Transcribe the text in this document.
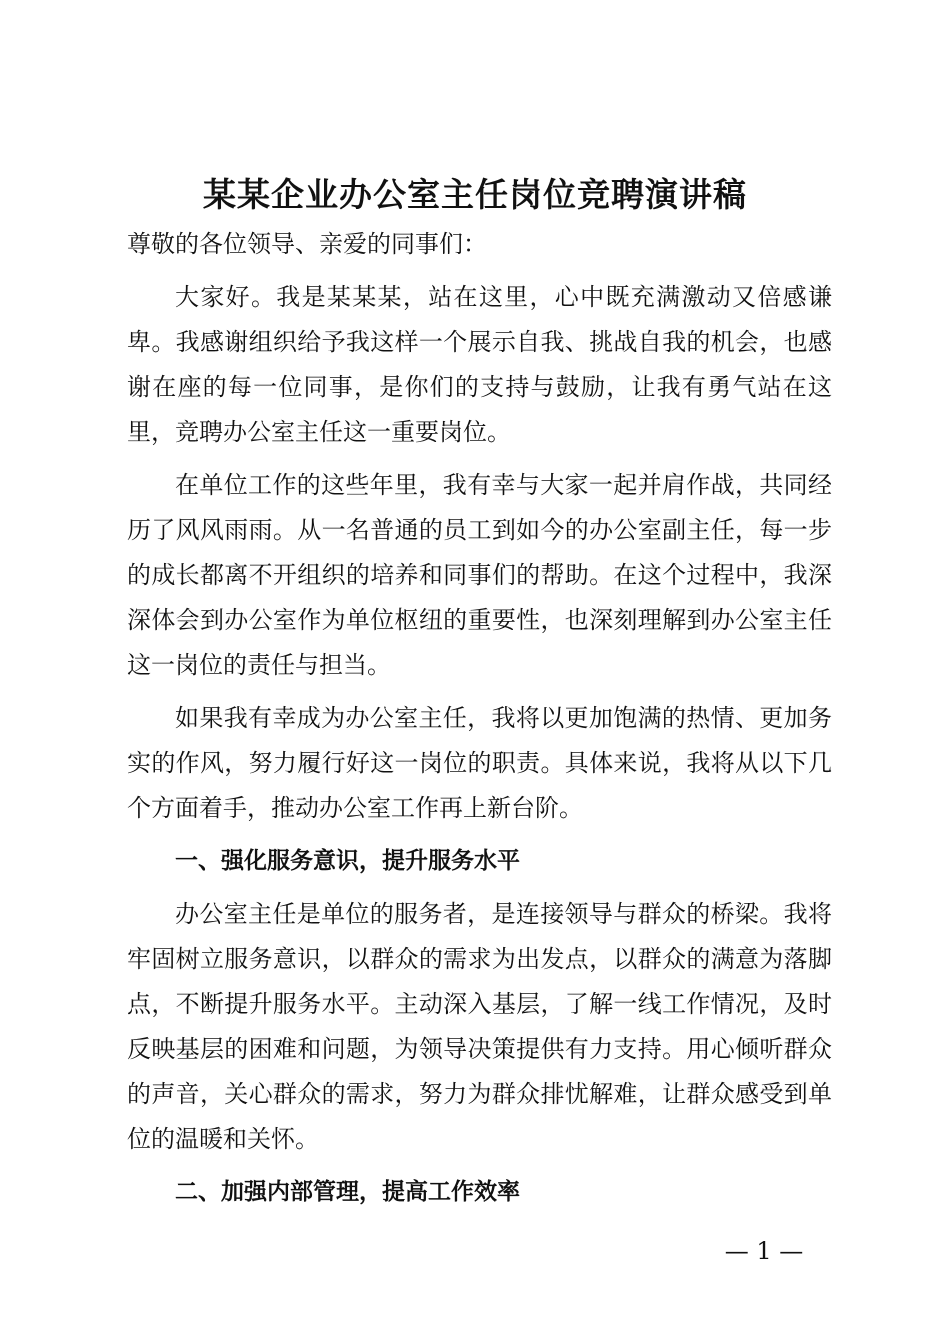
某某企业办公室主任岗位竞聘演讲稿

尊敬的各位领导、亲爱的同事们：

大家好。我是某某某，站在这里，心中既充满激动又倍感谦卑。我感谢组织给予我这样一个展示自我、挑战自我的机会，也感谢在座的每一位同事，是你们的支持与鼓励，让我有勇气站在这里，竞聘办公室主任这一重要岗位。

在单位工作的这些年里，我有幸与大家一起并肩作战，共同经历了风风雨雨。从一名普通的员工到如今的办公室副主任，每一步的成长都离不开组织的培养和同事们的帮助。在这个过程中，我深深体会到办公室作为单位枢纽的重要性，也深刻理解到办公室主任这一岗位的责任与担当。

如果我有幸成为办公室主任，我将以更加饱满的热情、更加务实的作风，努力履行好这一岗位的职责。具体来说，我将从以下几个方面着手，推动办公室工作再上新台阶。

一、强化服务意识，提升服务水平

办公室主任是单位的服务者，是连接领导与群众的桥梁。我将牢固树立服务意识，以群众的需求为出发点，以群众的满意为落脚点，不断提升服务水平。主动深入基层，了解一线工作情况，及时反映基层的困难和问题，为领导决策提供有力支持。用心倾听群众的声音，关心群众的需求，努力为群众排忧解难，让群众感受到单位的温暖和关怀。

二、加强内部管理，提高工作效率

— 1 —
